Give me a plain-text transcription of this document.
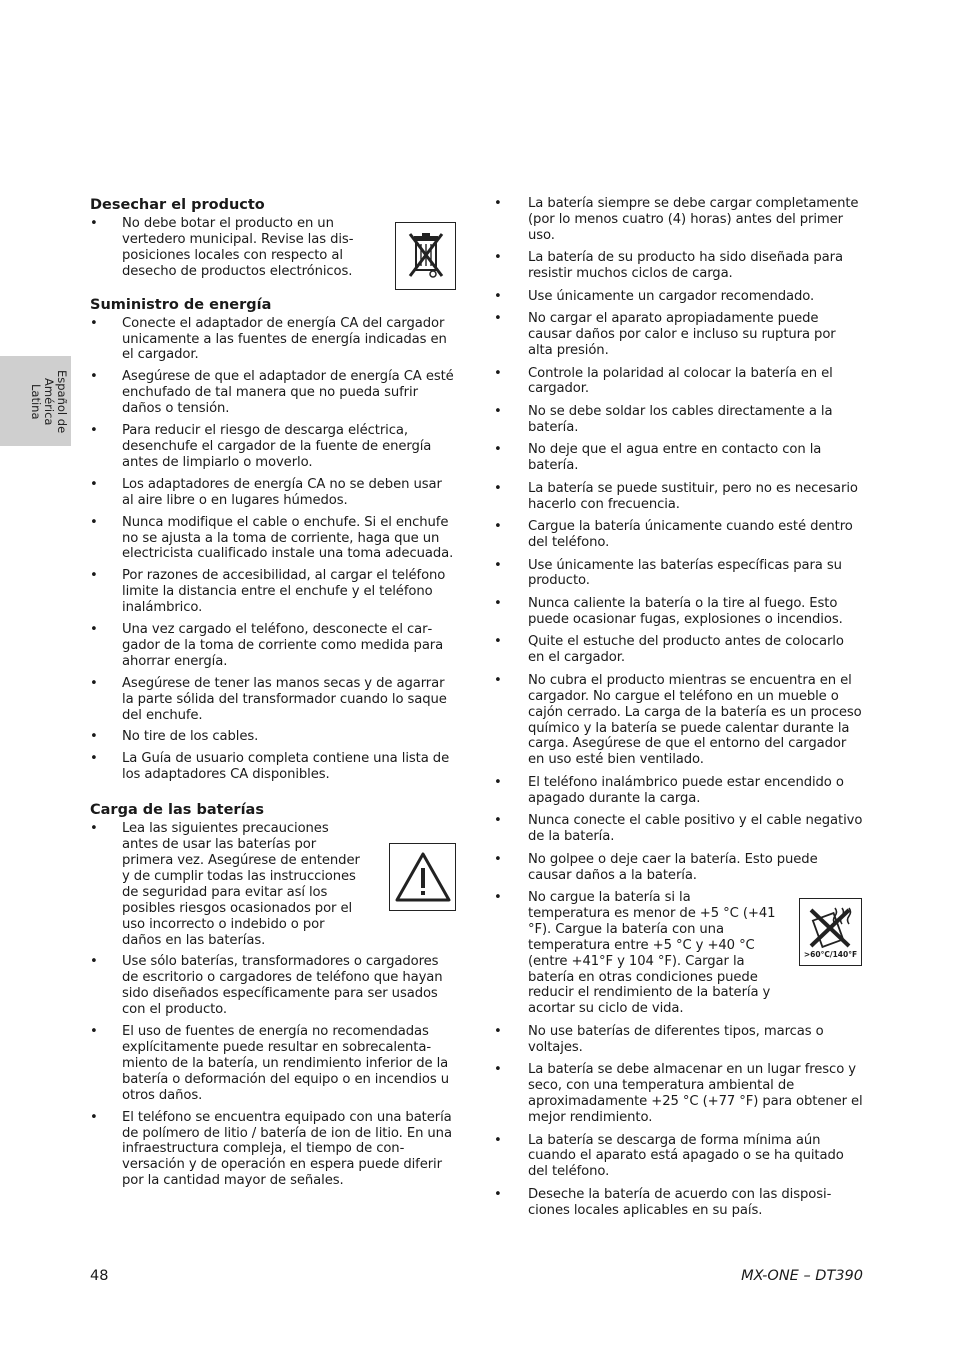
Español de
América
Latina
Desechar el producto
• No debe botar el producto en un vertedero municipal. Revise las disposiciones locales con respecto al desecho de productos electrónicos.
Suministro de energía
• Conecte el adaptador de energía CA del cargador unicamente a las fuentes de energía indicadas en el cargador.
• Asegúrese de que el adaptador de energía CA esté enchufado de tal manera que no pueda sufrir daños o tensión.
• Para reducir el riesgo de descarga eléctrica, desenchufe el cargador de la fuente de energía antes de limpiarlo o moverlo.
• Los adaptadores de energía CA no se deben usar al aire libre o en lugares húmedos.
• Nunca modifique el cable o enchufe. Si el enchufe no se ajusta a la toma de corriente, haga que un electricista cualificado instale una toma adecuada.
• Por razones de accesibilidad, al cargar el teléfono limite la distancia entre el enchufe y el teléfono inalámbrico.
• Una vez cargado el teléfono, desconecte el cargador de la toma de corriente como medida para ahorrar energía.
• Asegúrese de tener las manos secas y de agarrar la parte sólida del transformador cuando lo saque del enchufe.
• No tire de los cables.
• La Guía de usuario completa contiene una lista de los adaptadores CA disponibles.
Carga de las baterías
• Lea las siguientes precauciones antes de usar las baterías por primera vez. Asegúrese de entender y de cumplir todas las instrucciones de seguridad para evitar así los posibles riesgos ocasionados por el uso incorrecto o indebido o por daños en las baterías.
• Use sólo baterías, transformadores o cargadores de escritorio o cargadores de teléfono que hayan sido diseñados específicamente para ser usados con el producto.
• El uso de fuentes de energía no recomendadas explícitamente puede resultar en sobrecalentamiento de la batería, un rendimiento inferior de la batería o deformación del equipo o en incendios u otros daños.
• El teléfono se encuentra equipado con una batería de polímero de litio / batería de ion de litio. En una infraestructura compleja, el tiempo de conversación y de operación en espera puede diferir por la cantidad mayor de señales.
• La batería siempre se debe cargar completamente (por lo menos cuatro (4) horas) antes del primer uso.
• La batería de su producto ha sido diseñada para resistir muchos ciclos de carga.
• Use únicamente un cargador recomendado.
• No cargar el aparato apropiadamente puede causar daños por calor e incluso su ruptura por alta presión.
• Controle la polaridad al colocar la batería en el cargador.
• No se debe soldar los cables directamente a la batería.
• No deje que el agua entre en contacto con la batería.
• La batería se puede sustituir, pero no es necesario hacerlo con frecuencia.
• Cargue la batería únicamente cuando esté dentro del teléfono.
• Use únicamente las baterías específicas para su producto.
• Nunca caliente la batería o la tire al fuego. Esto puede ocasionar fugas, explosiones o incendios.
• Quite el estuche del producto antes de colocarlo en el cargador.
• No cubra el producto mientras se encuentra en el cargador. No cargue el teléfono en un mueble o cajón cerrado. La carga de la batería es un proceso químico y la batería se puede calentar durante la carga. Asegúrese de que el entorno del cargador en uso esté bien ventilado.
• El teléfono inalámbrico puede estar encendido o apagado durante la carga.
• Nunca conecte el cable positivo y el cable negativo de la batería.
• No golpee o deje caer la batería. Esto puede causar daños a la batería.
• No cargue la batería si la temperatura es menor de +5 °C (+41 °F). Cargue la batería con una temperatura entre +5 °C y +40 °C (entre +41°F y 104 °F). Cargar la batería en otras condiciones puede reducir el rendimiento de la batería y acortar su ciclo de vida.
• No use baterías de diferentes tipos, marcas o voltajes.
• La batería se debe almacenar en un lugar fresco y seco, con una temperatura ambiental de aproximadamente +25 °C (+77 °F) para obtener el mejor rendimiento.
• La batería se descarga de forma mínima aún cuando el aparato está apagado o se ha quitado del teléfono.
• Deseche la batería de acuerdo con las disposiciones locales aplicables en su país.
>60°C/140°F
48	MX-ONE – DT390
